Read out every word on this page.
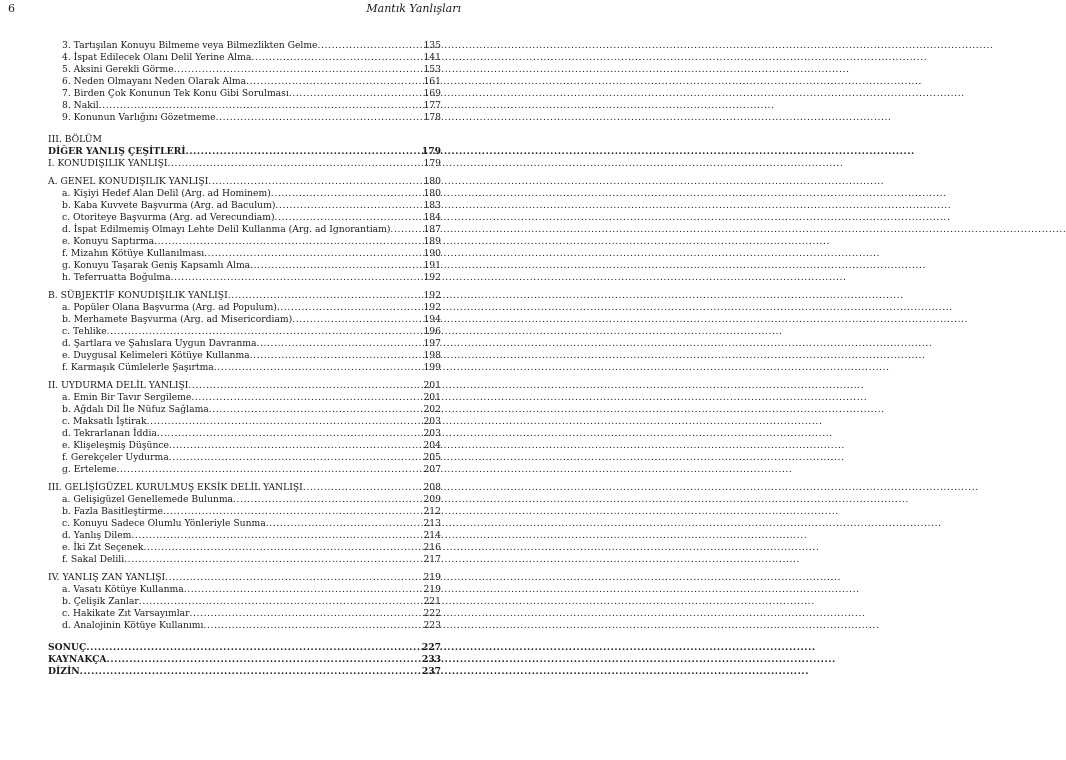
6	Mantık Yanlışları
3. Tartışılan Konuyu Bilmeme veya Bilmezlikten Gelme .....	135
4. İspat Edilecek Olanı Delil Yerine Alma .....	141
5. Aksini Gerekli Görme .....	153
6. Neden Olmayanı Neden Olarak Alma .....	161
7. Birden Çok Konunun Tek Konu Gibi Sorulması .....	169
8. Nakil .....	177
9. Konunun Varlığını Gözetmeme .....	178
III. BÖLÜM
DİĞER YANLIŞ ÇEŞİTLERİ .....	179
I. KONUDIŞILIK YANLIŞI .....	179
A. GENEL KONUDIŞILIK YANLIŞI .....	180
a. Kişiyi Hedef Alan Delil (Arg. ad Hominem) .....	180
b. Kaba Kuvvete Başvurma (Arg. ad Baculum) .....	183
c. Otoriteye Başvurma (Arg. ad Verecundiam) .....	184
d. İspat Edilmemiş Olmayı Lehte Delil Kullanma (Arg. ad Ignorantiam) .....	187
e. Konuyu Saptırma .....	189
f. Mizahın Kötüye Kullanılması .....	190
g. Konuyu Taşarak Geniş Kapsamlı Alma .....	191
h. Teferruatta Boğulma .....	192
B. SÜBJEKTİF KONUDIŞILIK YANLIŞI .....	192
a. Popüler Olana Başvurma (Arg. ad Populum) .....	192
b. Merhamete Başvurma (Arg. ad Misericordiam) .....	194
c. Tehlike .....	196
d. Şartlara ve Şahıslara Uygun Davranma .....	197
e. Duygusal Kelimeleri Kötüye Kullanma .....	198
f. Karmaşık Cümlelerle Şaşırtma .....	199
II. UYDURMA DELİL YANLIŞI .....	201
a. Emin Bir Tavır Sergileme .....	201
b. Ağdalı Dil İle Nüfuz Sağlama .....	202
c. Maksatlı İştirak .....	203
d. Tekrarlanan İddia .....	203
e. Klişeleşmiş Düşünce .....	204
f. Gerekçeler Uydurma .....	205
g. Erteleme .....	207
III. GELİŞİGÜZEL KURULMUŞ EKSİK DELİL YANLIŞI .....	208
a. Gelişigüzel Genellemede Bulunma .....	209
b. Fazla Basitleştirme .....	212
c. Konuyu Sadece Olumlu Yönleriyle Sunma .....	213
d. Yanlış Dilem .....	214
e. İki Zıt Seçenek .....	216
f. Sakal Delili .....	217
IV. YANLIŞ ZAN YANLIŞI .....	219
a. Vasatı Kötüye Kullanma .....	219
b. Çelişik Zanlar .....	221
c. Hakikate Zıt Varsayımlar .....	222
d. Analojinin Kötüye Kullanımı .....	223
SONUÇ .....	227
KAYNAKÇA .....	233
DİZİN .....	237
